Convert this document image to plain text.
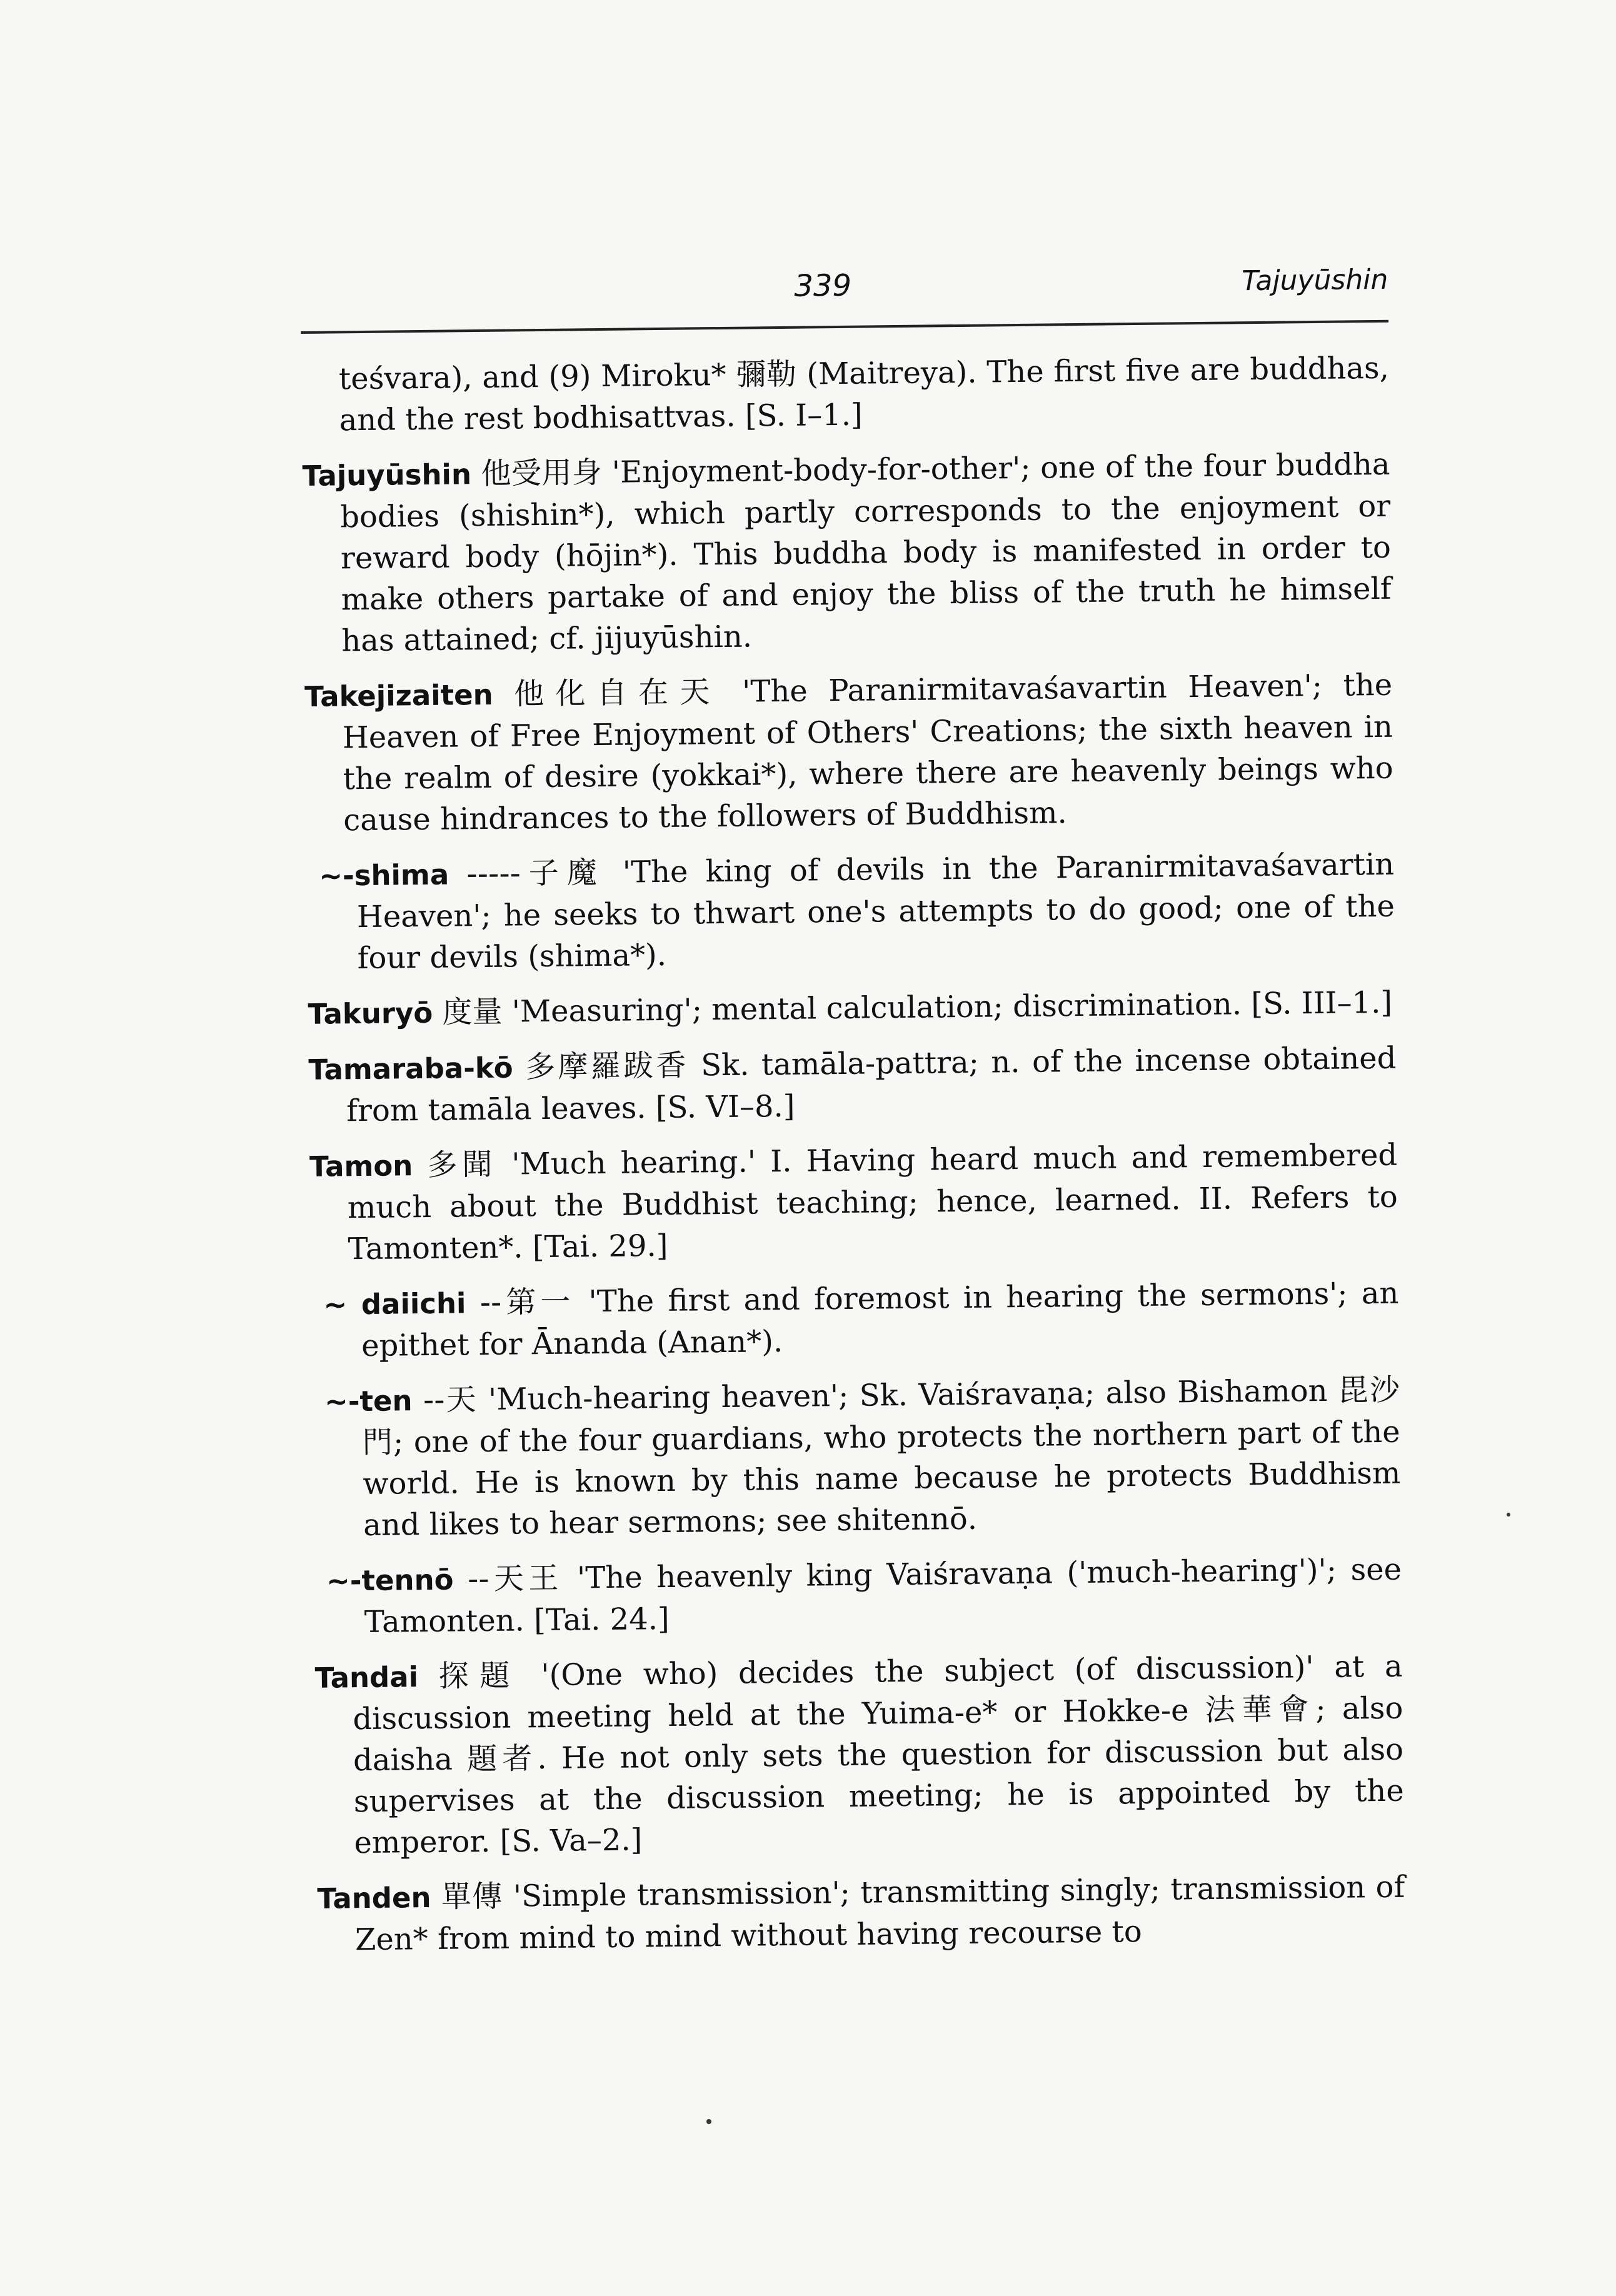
339	Tajuyūshin

teśvara), and (9) Miroku* 彌勒 (Maitreya). The first five are buddhas, and the rest bodhisattvas. [S. I–1.]

Tajuyūshin 他受用身 'Enjoyment-body-for-other'; one of the four buddha bodies (shishin*), which partly corresponds to the enjoyment or reward body (hōjin*). This buddha body is manifested in order to make others partake of and enjoy the bliss of the truth he himself has attained; cf. jijuyūshin.

Takejizaiten 他化自在天 'The Paranirmitavaśavartin Heaven'; the Heaven of Free Enjoyment of Others' Creations; the sixth heaven in the realm of desire (yokkai*), where there are heavenly beings who cause hindrances to the followers of Buddhism.

~-shima -----子魔 'The king of devils in the Paranirmitavaśavartin Heaven'; he seeks to thwart one's attempts to do good; one of the four devils (shima*).

Takuryō 度量 'Measuring'; mental calculation; discrimination. [S. III–1.]

Tamaraba-kō 多摩羅跋香 Sk. tamāla-pattra; n. of the incense obtained from tamāla leaves. [S. VI–8.]

Tamon 多聞 'Much hearing.' I. Having heard much and remembered much about the Buddhist teaching; hence, learned. II. Refers to Tamonten*. [Tai. 29.]

~ daiichi --第一 'The first and foremost in hearing the sermons'; an epithet for Ānanda (Anan*).

~-ten --天 'Much-hearing heaven'; Sk. Vaiśravaṇa; also Bishamon 毘沙門; one of the four guardians, who protects the northern part of the world. He is known by this name because he protects Buddhism and likes to hear sermons; see shitennō.

~-tennō --天王 'The heavenly king Vaiśravaṇa ('much-hearing')'; see Tamonten. [Tai. 24.]

Tandai 探題 '(One who) decides the subject (of discussion)' at a discussion meeting held at the Yuima-e* or Hokke-e 法華會; also daisha 題者. He not only sets the question for discussion but also supervises at the discussion meeting; he is appointed by the emperor. [S. Va–2.]

Tanden 單傳 'Simple transmission'; transmitting singly; transmission of Zen* from mind to mind without having recourse to
